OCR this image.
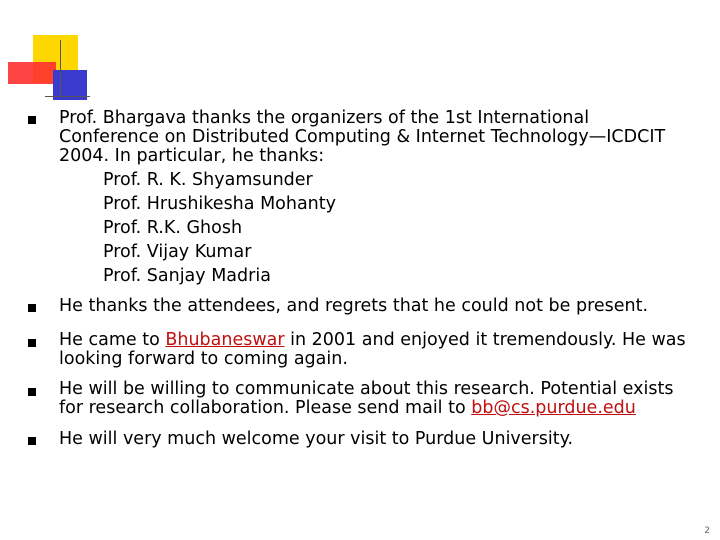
Prof. Bhargava thanks the organizers of the 1st International
Conference on Distributed Computing & Internet Technology—ICDCIT
2004. In particular, he thanks:
Prof. R. K. Shyamsunder
Prof. Hrushikesha Mohanty
Prof. R.K. Ghosh
Prof. Vijay Kumar
Prof. Sanjay Madria
He thanks the attendees, and regrets that he could not be present.
He came to Bhubaneswar in 2001 and enjoyed it tremendously. He was
looking forward to coming again.
He will be willing to communicate about this research. Potential exists
for research collaboration. Please send mail to bb@cs.purdue.edu
He will very much welcome your visit to Purdue University.
2
